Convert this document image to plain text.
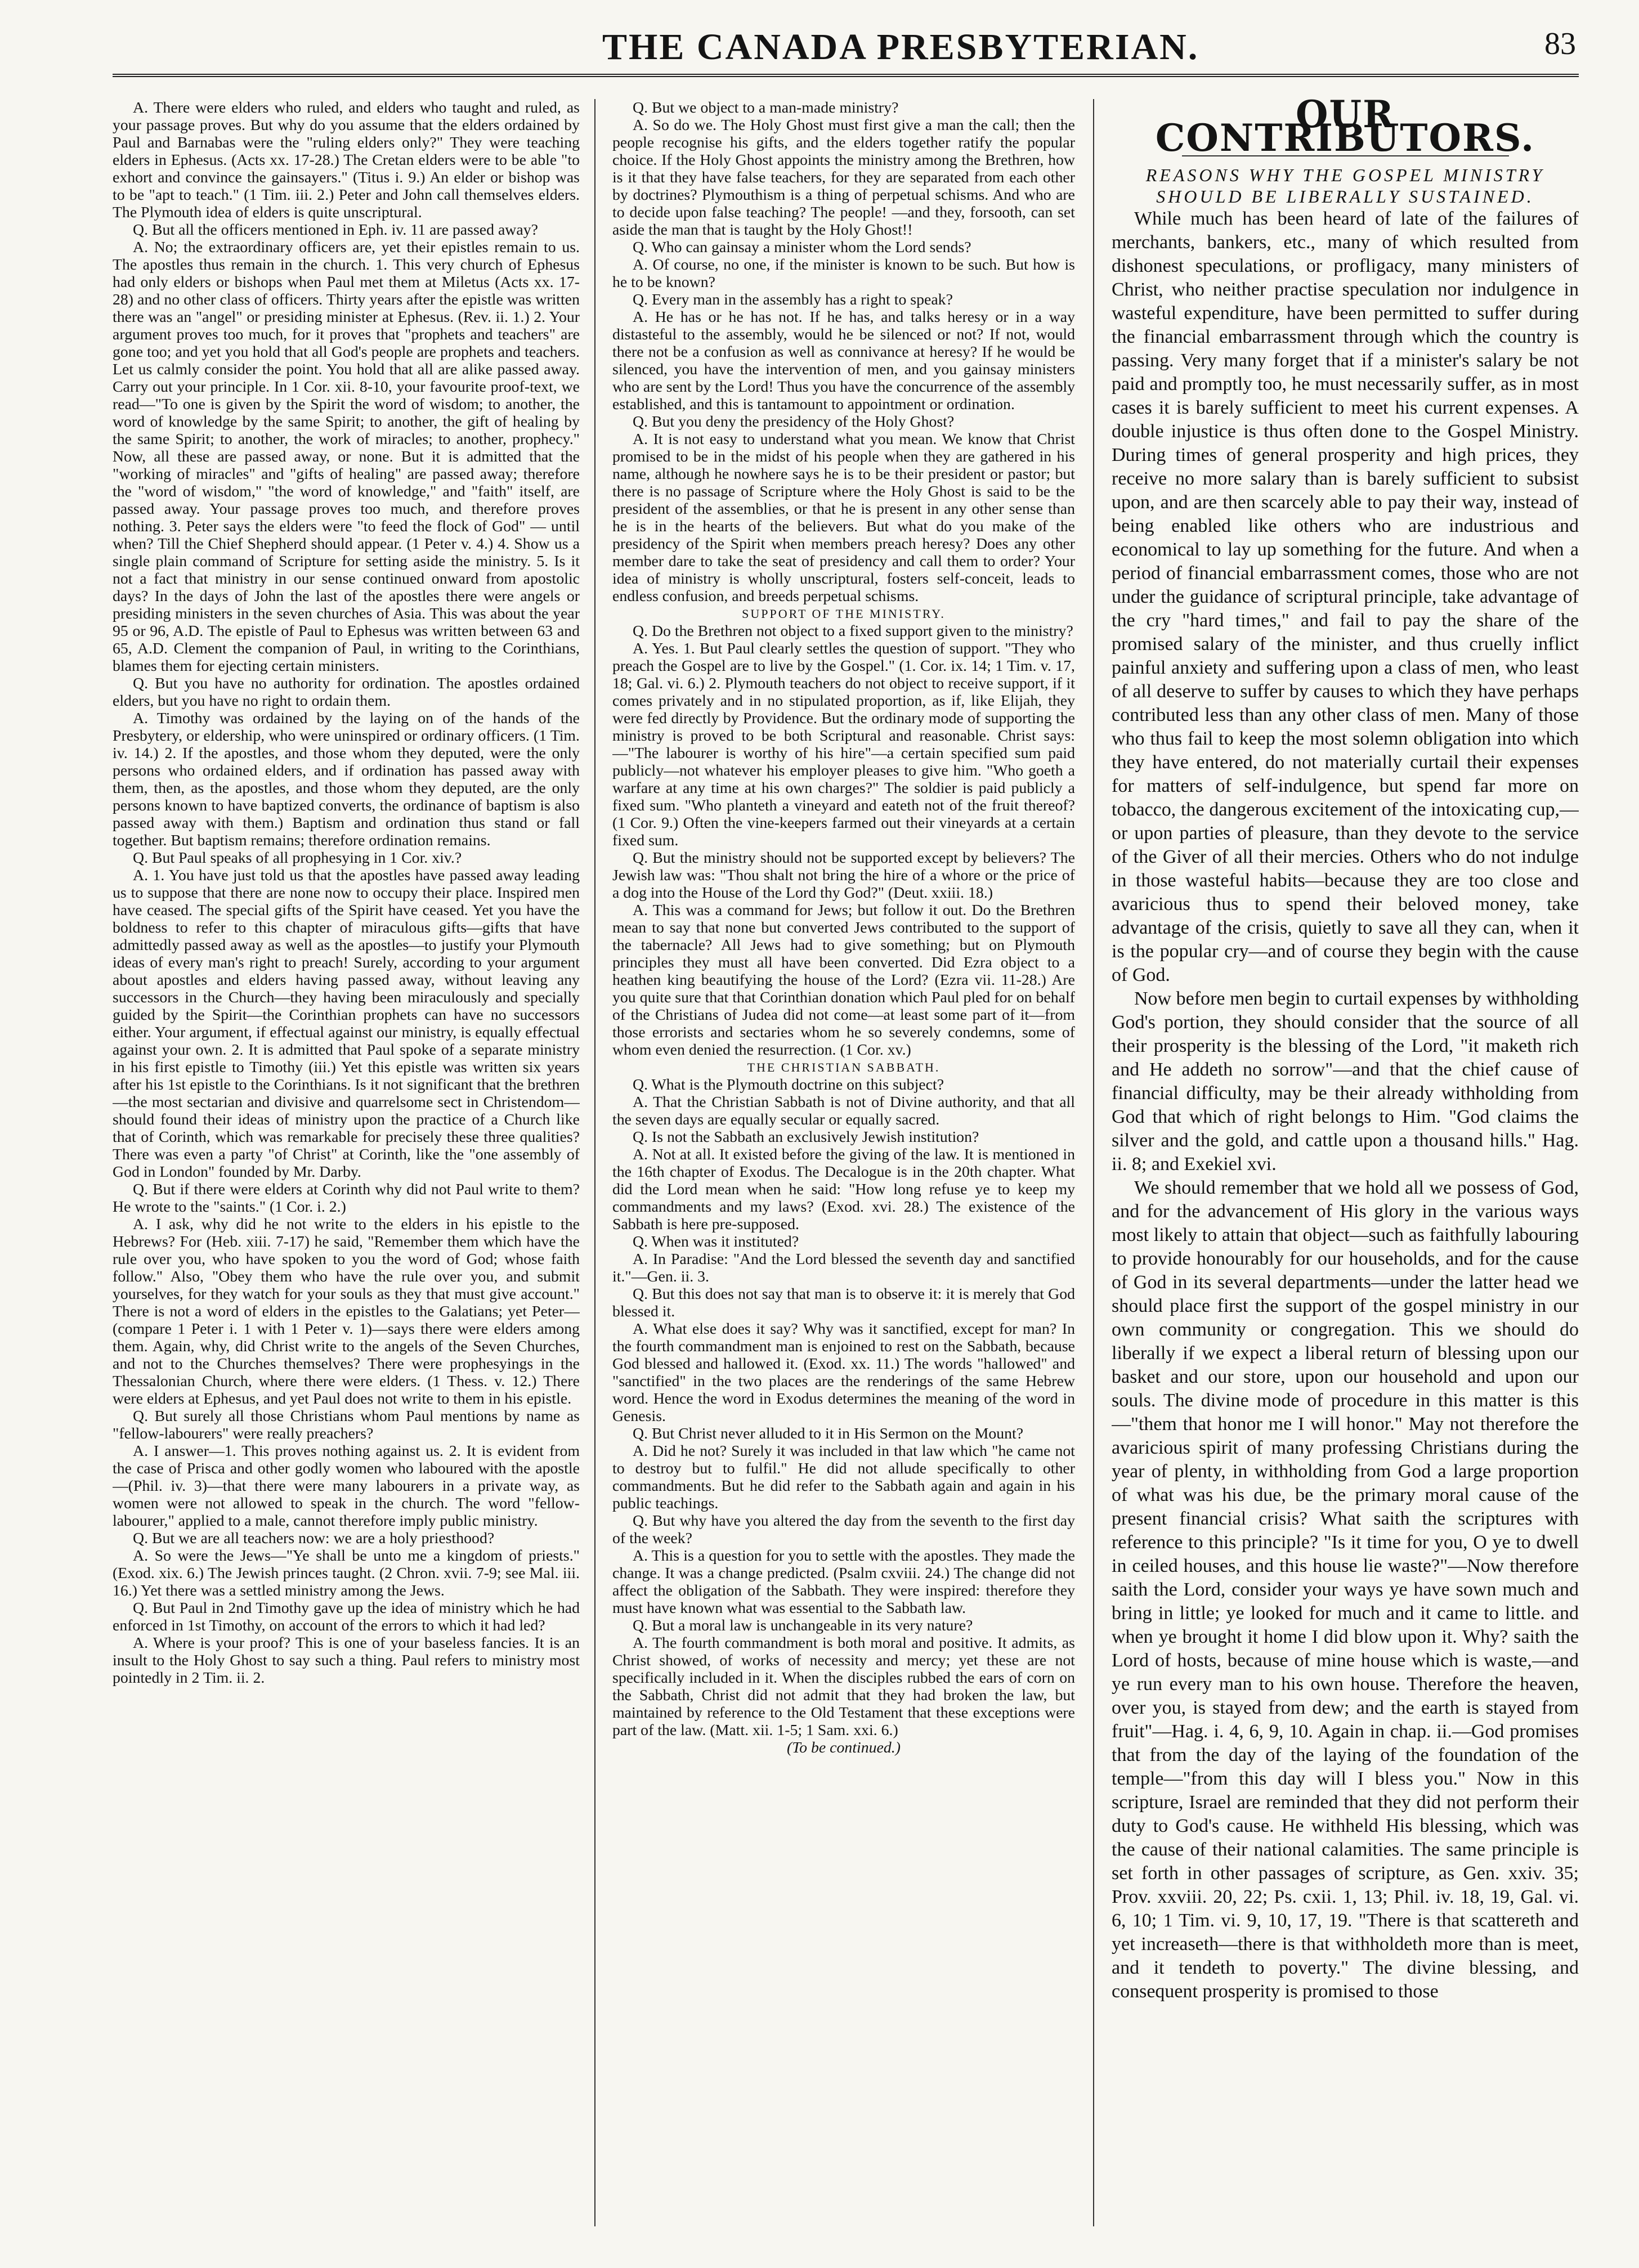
THE CANADA PRESBYTERIAN.	83

A. There were elders who ruled, and elders who taught and ruled, as your passage proves. But why do you assume that the elders ordained by Paul and Barnabas were the "ruling elders only?" They were teaching elders in Ephesus. (Acts xx. 17-28.) The Cretan elders were to be able "to exhort and convince the gainsayers." (Titus i. 9.) An elder or bishop was to be "apt to teach." (1 Tim. iii. 2.) Peter and John call themselves elders. The Plymouth idea of elders is quite unscriptural.

Q. But all the officers mentioned in Eph. iv. 11 are passed away?

A. No; the extraordinary officers are, yet their epistles remain to us. The apostles thus remain in the church. 1. This very church of Ephesus had only elders or bishops when Paul met them at Miletus (Acts xx. 17-28) and no other class of officers. Thirty years after the epistle was written there was an "angel" or presiding minister at Ephesus. (Rev. ii. 1.) 2. Your argument proves too much, for it proves that "prophets and teachers" are gone too; and yet you hold that all God's people are prophets and teachers. Let us calmly consider the point. You hold that all are alike passed away. Carry out your principle. In 1 Cor. xii. 8-10, your favourite proof-text, we read—"To one is given by the Spirit the word of wisdom; to another, the word of knowledge by the same Spirit; to another, the gift of healing by the same Spirit; to another, the work of miracles; to another, prophecy." Now, all these are passed away, or none. But it is admitted that the "working of miracles" and "gifts of healing" are passed away; therefore the "word of wisdom," "the word of knowledge," and "faith" itself, are passed away. Your passage proves too much, and therefore proves nothing. 3. Peter says the elders were "to feed the flock of God" — until when? Till the Chief Shepherd should appear. (1 Peter v. 4.) 4. Show us a single plain command of Scripture for setting aside the ministry. 5. Is it not a fact that ministry in our sense continued onward from apostolic days? In the days of John the last of the apostles there were angels or presiding ministers in the seven churches of Asia. This was about the year 95 or 96, A.D. The epistle of Paul to Ephesus was written between 63 and 65, A.D. Clement the companion of Paul, in writing to the Corinthians, blames them for ejecting certain ministers.

Q. But you have no authority for ordination. The apostles ordained elders, but you have no right to ordain them.

A. Timothy was ordained by the laying on of the hands of the Presbytery, or eldership, who were uninspired or ordinary officers. (1 Tim. iv. 14.) 2. If the apostles, and those whom they deputed, were the only persons who ordained elders, and if ordination has passed away with them, then, as the apostles, and those whom they deputed, are the only persons known to have baptized converts, the ordinance of baptism is also passed away with them.) Baptism and ordination thus stand or fall together. But baptism remains; therefore ordination remains.

Q. But Paul speaks of all prophesying in 1 Cor. xiv.?

A. 1. You have just told us that the apostles have passed away leading us to suppose that there are none now to occupy their place. Inspired men have ceased. The special gifts of the Spirit have ceased. Yet you have the boldness to refer to this chapter of miraculous gifts—gifts that have admittedly passed away as well as the apostles—to justify your Plymouth ideas of every man's right to preach! Surely, according to your argument about apostles and elders having passed away, without leaving any successors in the Church—they having been miraculously and specially guided by the Spirit—the Corinthian prophets can have no successors either. Your argument, if effectual against our ministry, is equally effectual against your own. 2. It is admitted that Paul spoke of a separate ministry in his first epistle to Timothy (iii.) Yet this epistle was written six years after his 1st epistle to the Corinthians. Is it not significant that the brethren—the most sectarian and divisive and quarrelsome sect in Christendom—should found their ideas of ministry upon the practice of a Church like that of Corinth, which was remarkable for precisely these three qualities? There was even a party "of Christ" at Corinth, like the "one assembly of God in London" founded by Mr. Darby.

Q. But if there were elders at Corinth why did not Paul write to them? He wrote to the "saints." (1 Cor. i. 2.)

A. I ask, why did he not write to the elders in his epistle to the Hebrews? For (Heb. xiii. 7-17) he said, "Remember them which have the rule over you, who have spoken to you the word of God; whose faith follow." Also, "Obey them who have the rule over you, and submit yourselves, for they watch for your souls as they that must give account." There is not a word of elders in the epistles to the Galatians; yet Peter—(compare 1 Peter i. 1 with 1 Peter v. 1)—says there were elders among them. Again, why, did Christ write to the angels of the Seven Churches, and not to the Churches themselves? There were prophesyings in the Thessalonian Church, where there were elders. (1 Thess. v. 12.) There were elders at Ephesus, and yet Paul does not write to them in his epistle.

Q. But surely all those Christians whom Paul mentions by name as "fellow-labourers" were really preachers?

A. I answer—1. This proves nothing against us. 2. It is evident from the case of Prisca and other godly women who laboured with the apostle—(Phil. iv. 3)—that there were many labourers in a private way, as women were not allowed to speak in the church. The word "fellow-labourer," applied to a male, cannot therefore imply public ministry.

Q. But we are all teachers now: we are a holy priesthood?

A. So were the Jews—"Ye shall be unto me a kingdom of priests." (Exod. xix. 6.) The Jewish princes taught. (2 Chron. xvii. 7-9; see Mal. iii. 16.) Yet there was a settled ministry among the Jews.

Q. But Paul in 2nd Timothy gave up the idea of ministry which he had enforced in 1st Timothy, on account of the errors to which it had led?

A. Where is your proof? This is one of your baseless fancies. It is an insult to the Holy Ghost to say such a thing. Paul refers to ministry most pointedly in 2 Tim. ii. 2.

Q. But we object to a man-made ministry?

A. So do we. The Holy Ghost must first give a man the call; then the people recognise his gifts, and the elders together ratify the popular choice. If the Holy Ghost appoints the ministry among the Brethren, how is it that they have false teachers, for they are separated from each other by doctrines? Plymouthism is a thing of perpetual schisms. And who are to decide upon false teaching? The people! —and they, forsooth, can set aside the man that is taught by the Holy Ghost!!

Q. Who can gainsay a minister whom the Lord sends?

A. Of course, no one, if the minister is known to be such. But how is he to be known?

Q. Every man in the assembly has a right to speak?

A. He has or he has not. If he has, and talks heresy or in a way distasteful to the assembly, would he be silenced or not? If not, would there not be a confusion as well as connivance at heresy? If he would be silenced, you have the intervention of men, and you gainsay ministers who are sent by the Lord! Thus you have the concurrence of the assembly established, and this is tantamount to appointment or ordination.

Q. But you deny the presidency of the Holy Ghost?

A. It is not easy to understand what you mean. We know that Christ promised to be in the midst of his people when they are gathered in his name, although he nowhere says he is to be their president or pastor; but there is no passage of Scripture where the Holy Ghost is said to be the president of the assemblies, or that he is present in any other sense than he is in the hearts of the believers. But what do you make of the presidency of the Spirit when members preach heresy? Does any other member dare to take the seat of presidency and call them to order? Your idea of ministry is wholly unscriptural, fosters self-conceit, leads to endless confusion, and breeds perpetual schisms.

SUPPORT OF THE MINISTRY.

Q. Do the Brethren not object to a fixed support given to the ministry?

A. Yes. 1. But Paul clearly settles the question of support. "They who preach the Gospel are to live by the Gospel." (1. Cor. ix. 14; 1 Tim. v. 17, 18; Gal. vi. 6.) 2. Plymouth teachers do not object to receive support, if it comes privately and in no stipulated proportion, as if, like Elijah, they were fed directly by Providence. But the ordinary mode of supporting the ministry is proved to be both Scriptural and reasonable. Christ says:—"The labourer is worthy of his hire"—a certain specified sum paid publicly—not whatever his employer pleases to give him. "Who goeth a warfare at any time at his own charges?" The soldier is paid publicly a fixed sum. "Who planteth a vineyard and eateth not of the fruit thereof? (1 Cor. 9.) Often the vine-keepers farmed out their vineyards at a certain fixed sum.

Q. But the ministry should not be supported except by believers? The Jewish law was: "Thou shalt not bring the hire of a whore or the price of a dog into the House of the Lord thy God?" (Deut. xxiii. 18.)

A. This was a command for Jews; but follow it out. Do the Brethren mean to say that none but converted Jews contributed to the support of the tabernacle? All Jews had to give something; but on Plymouth principles they must all have been converted. Did Ezra object to a heathen king beautifying the house of the Lord? (Ezra vii. 11-28.) Are you quite sure that that Corinthian donation which Paul pled for on behalf of the Christians of Judea did not come—at least some part of it—from those errorists and sectaries whom he so severely condemns, some of whom even denied the resurrection. (1 Cor. xv.)

THE CHRISTIAN SABBATH.

Q. What is the Plymouth doctrine on this subject?

A. That the Christian Sabbath is not of Divine authority, and that all the seven days are equally secular or equally sacred.

Q. Is not the Sabbath an exclusively Jewish institution?

A. Not at all. It existed before the giving of the law. It is mentioned in the 16th chapter of Exodus. The Decalogue is in the 20th chapter. What did the Lord mean when he said: "How long refuse ye to keep my commandments and my laws? (Exod. xvi. 28.) The existence of the Sabbath is here pre-supposed.

Q. When was it instituted?

A. In Paradise: "And the Lord blessed the seventh day and sanctified it."—Gen. ii. 3.

Q. But this does not say that man is to observe it: it is merely that God blessed it.

A. What else does it say? Why was it sanctified, except for man? In the fourth commandment man is enjoined to rest on the Sabbath, because God blessed and hallowed it. (Exod. xx. 11.) The words "hallowed" and "sanctified" in the two places are the renderings of the same Hebrew word. Hence the word in Exodus determines the meaning of the word in Genesis.

Q. But Christ never alluded to it in His Sermon on the Mount?

A. Did he not? Surely it was included in that law which "he came not to destroy but to fulfil." He did not allude specifically to other commandments. But he did refer to the Sabbath again and again in his public teachings.

Q. But why have you altered the day from the seventh to the first day of the week?

A. This is a question for you to settle with the apostles. They made the change. It was a change predicted. (Psalm cxviii. 24.) The change did not affect the obligation of the Sabbath. They were inspired: therefore they must have known what was essential to the Sabbath law.

Q. But a moral law is unchangeable in its very nature?

A. The fourth commandment is both moral and positive. It admits, as Christ showed, of works of necessity and mercy; yet these are not specifically included in it. When the disciples rubbed the ears of corn on the Sabbath, Christ did not admit that they had broken the law, but maintained by reference to the Old Testament that these exceptions were part of the law. (Matt. xii. 1-5; 1 Sam. xxi. 6.)

(To be continued.)

OUR CONTRIBUTORS.

REASONS WHY THE GOSPEL MINISTRY SHOULD BE LIBERALLY SUSTAINED.

While much has been heard of late of the failures of merchants, bankers, etc., many of which resulted from dishonest speculations, or profligacy, many ministers of Christ, who neither practise speculation nor indulgence in wasteful expenditure, have been permitted to suffer during the financial embarrassment through which the country is passing. Very many forget that if a minister's salary be not paid and promptly too, he must necessarily suffer, as in most cases it is barely sufficient to meet his current expenses. A double injustice is thus often done to the Gospel Ministry. During times of general prosperity and high prices, they receive no more salary than is barely sufficient to subsist upon, and are then scarcely able to pay their way, instead of being enabled like others who are industrious and economical to lay up something for the future. And when a period of financial embarrassment comes, those who are not under the guidance of scriptural principle, take advantage of the cry "hard times," and fail to pay the share of the promised salary of the minister, and thus cruelly inflict painful anxiety and suffering upon a class of men, who least of all deserve to suffer by causes to which they have perhaps contributed less than any other class of men. Many of those who thus fail to keep the most solemn obligation into which they have entered, do not materially curtail their expenses for matters of self-indulgence, but spend far more on tobacco, the dangerous excitement of the intoxicating cup,—or upon parties of pleasure, than they devote to the service of the Giver of all their mercies. Others who do not indulge in those wasteful habits—because they are too close and avaricious thus to spend their beloved money, take advantage of the crisis, quietly to save all they can, when it is the popular cry—and of course they begin with the cause of God.

Now before men begin to curtail expenses by withholding God's portion, they should consider that the source of all their prosperity is the blessing of the Lord, "it maketh rich and He addeth no sorrow"—and that the chief cause of financial difficulty, may be their already withholding from God that which of right belongs to Him. "God claims the silver and the gold, and cattle upon a thousand hills." Hag. ii. 8; and Exekiel xvi.

We should remember that we hold all we possess of God, and for the advancement of His glory in the various ways most likely to attain that object—such as faithfully labouring to provide honourably for our households, and for the cause of God in its several departments—under the latter head we should place first the support of the gospel ministry in our own community or congregation. This we should do liberally if we expect a liberal return of blessing upon our basket and our store, upon our household and upon our souls. The divine mode of procedure in this matter is this—"them that honor me I will honor." May not therefore the avaricious spirit of many professing Christians during the year of plenty, in withholding from God a large proportion of what was his due, be the primary moral cause of the present financial crisis? What saith the scriptures with reference to this principle? "Is it time for you, O ye to dwell in ceiled houses, and this house lie waste?"—Now therefore saith the Lord, consider your ways ye have sown much and bring in little; ye looked for much and it came to little. and when ye brought it home I did blow upon it. Why? saith the Lord of hosts, because of mine house which is waste,—and ye run every man to his own house. Therefore the heaven, over you, is stayed from dew; and the earth is stayed from fruit"—Hag. i. 4, 6, 9, 10. Again in chap. ii.—God promises that from the day of the laying of the foundation of the temple—"from this day will I bless you." Now in this scripture, Israel are reminded that they did not perform their duty to God's cause. He withheld His blessing, which was the cause of their national calamities. The same principle is set forth in other passages of scripture, as Gen. xxiv. 35; Prov. xxviii. 20, 22; Ps. cxii. 1, 13; Phil. iv. 18, 19, Gal. vi. 6, 10; 1 Tim. vi. 9, 10, 17, 19. "There is that scattereth and yet increaseth—there is that withholdeth more than is meet, and it tendeth to poverty." The divine blessing, and consequent prosperity is promised to those
